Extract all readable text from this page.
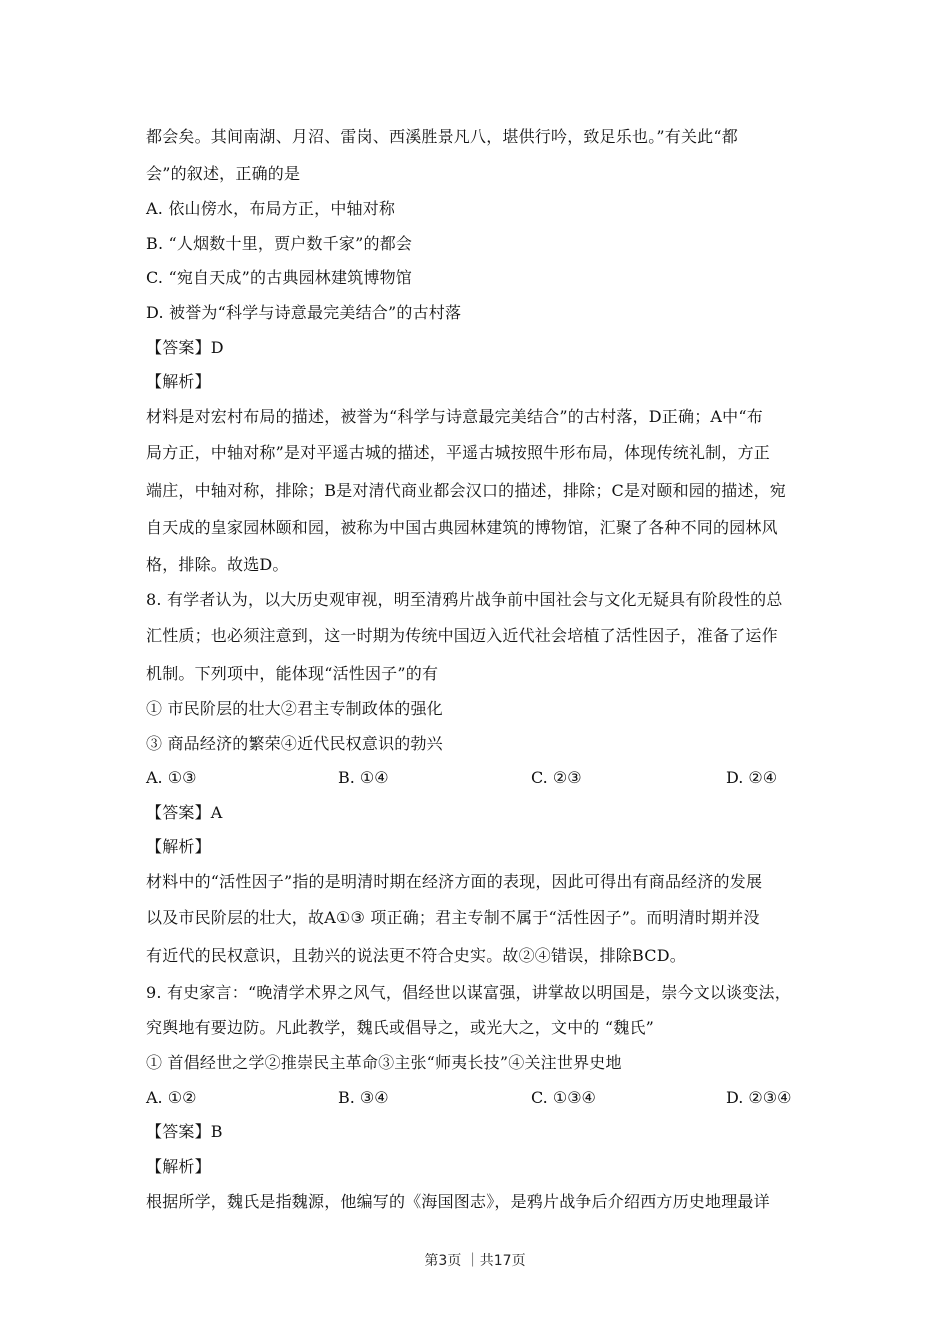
都会矣。其间南湖、月沼、雷岗、西溪胜景凡八，堪供行吟，致足乐也。”有关此“都
会”的叙述，正确的是
A. 依山傍水，布局方正，中轴对称
B. “人烟数十里，贾户数千家”的都会
C. “宛自天成”的古典园林建筑博物馆
D. 被誉为“科学与诗意最完美结合”的古村落
【答案】D
【解析】
材料是对宏村布局的描述，被誉为“科学与诗意最完美结合”的古村落，D正确；A中“布
局方正，中轴对称”是对平遥古城的描述，平遥古城按照牛形布局，体现传统礼制，方正
端庄，中轴对称，排除；B是对清代商业都会汉口的描述，排除；C是对颐和园的描述，宛
自天成的皇家园林颐和园，被称为中国古典园林建筑的博物馆，汇聚了各种不同的园林风
格，排除。故选D。
8. 有学者认为，以大历史观审视，明至清鸦片战争前中国社会与文化无疑具有阶段性的总
汇性质；也必须注意到，这一时期为传统中国迈入近代社会培植了活性因子，准备了运作
机制。下列项中，能体现“活性因子”的有
① 市民阶层的壮大②君主专制政体的强化
③ 商品经济的繁荣④近代民权意识的勃兴
A. ①③	B. ①④	C. ②③	D. ②④
【答案】A
【解析】
材料中的“活性因子”指的是明清时期在经济方面的表现，因此可得出有商品经济的发展
以及市民阶层的壮大，故A①③ 项正确；君主专制不属于“活性因子”。而明清时期并没
有近代的民权意识，且勃兴的说法更不符合史实。故②④错误，排除BCD。
9. 有史家言：“晚清学术界之风气，倡经世以谋富强，讲掌故以明国是，崇今文以谈变法，
究舆地有要边防。凡此教学，魏氏或倡导之，或光大之，文中的 “魏氏”
① 首倡经世之学②推崇民主革命③主张“师夷长技”④关注世界史地
A. ①②	B. ③④	C. ①③④	D. ②③④
【答案】B
【解析】
根据所学，魏氏是指魏源，他编写的《海国图志》，是鸦片战争后介绍西方历史地理最详
第3页 ｜共17页
